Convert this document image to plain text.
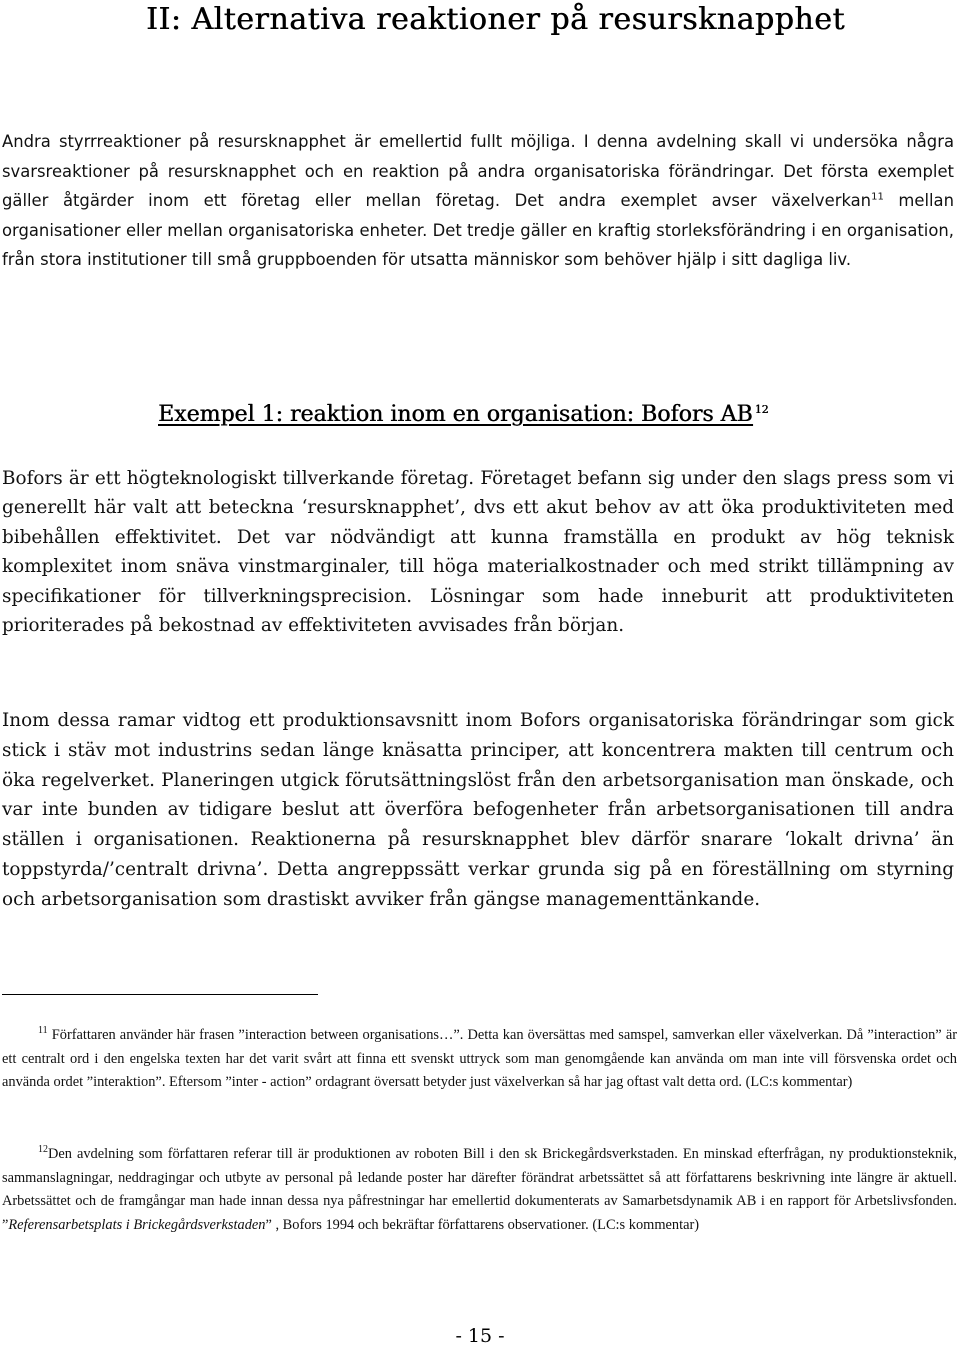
II: Alternativa reaktioner på resursknapphet

Andra styrrreaktioner på resursknapphet är emellertid fullt möjliga. I denna avdelning skall vi undersöka några svarsreaktioner på resursknapphet och en reaktion på andra organisatoriska förändringar. Det första exemplet gäller åtgärder inom ett företag eller mellan företag. Det andra exemplet avser växelverkan$^{11}$ mellan organisationer eller mellan organisatoriska enheter. Det tredje gäller en kraftig storleksförändring i en organisation, från stora institutioner till små gruppboenden för utsatta människor som behöver hjälp i sitt dagliga liv.

Exempel 1: reaktion inom en organisation: Bofors AB $^{12}$

Bofors är ett högteknologiskt tillverkande företag. Företaget befann sig under den slags press som vi generellt här valt att beteckna ‘resursknapphet’, dvs ett akut behov av att öka produktiviteten med bibehållen effektivitet. Det var nödvändigt att kunna framställa en produkt av hög teknisk komplexitet inom snäva vinstmarginaler, till höga materialkostnader och med strikt tillämpning av specifikationer för tillverkningsprecision. Lösningar som hade inneburit att produktiviteten prioriterades på bekostnad av effektiviteten avvisades från början.

Inom dessa ramar vidtog ett produktionsavsnitt inom Bofors organisatoriska förändringar som gick stick i stäv mot industrins sedan länge knäsatta principer, att koncentrera makten till centrum och öka regelverket. Planeringen utgick förutsättningslöst från den arbetsorganisation man önskade, och var inte bunden av tidigare beslut att överföra befogenheter från arbetsorganisationen till andra ställen i organisationen. Reaktionerna på resursknapphet blev därför snarare ‘lokalt drivna’ än toppstyrda/’centralt drivna’. Detta angreppssätt verkar grunda sig på en föreställning om styrning och arbetsorganisation som drastiskt avviker från gängse managementtänkande.

$^{11}$ Författaren använder här frasen ”interaction between organisations…”. Detta kan översättas med samspel, samverkan eller växelverkan. Då ”interaction” är ett centralt ord i den engelska texten har det varit svårt att finna ett svenskt uttryck som man genomgående kan använda om man inte vill försvenska ordet och använda ordet ”interaktion”. Eftersom ”inter - action” ordagrant översatt betyder just växelverkan så har jag oftast valt detta ord. (LC:s kommentar)

$^{12}$Den avdelning som författaren referar till är produktionen av roboten Bill i den sk Brickegårdsverkstaden. En minskad efterfrågan, ny produktionsteknik, sammanslagningar, neddragingar och utbyte av personal på ledande poster har därefter förändrat arbetssättet så att författarens beskrivning inte längre är aktuell. Arbetssättet och de framgångar man hade innan dessa nya påfrestningar har emellertid dokumenterats av Samarbetsdynamik AB i en rapport för Arbetslivsfonden. ”Referensarbetsplats i Brickegårdsverkstaden” , Bofors 1994 och bekräftar författarens observationer. (LC:s kommentar)

- 15 -
